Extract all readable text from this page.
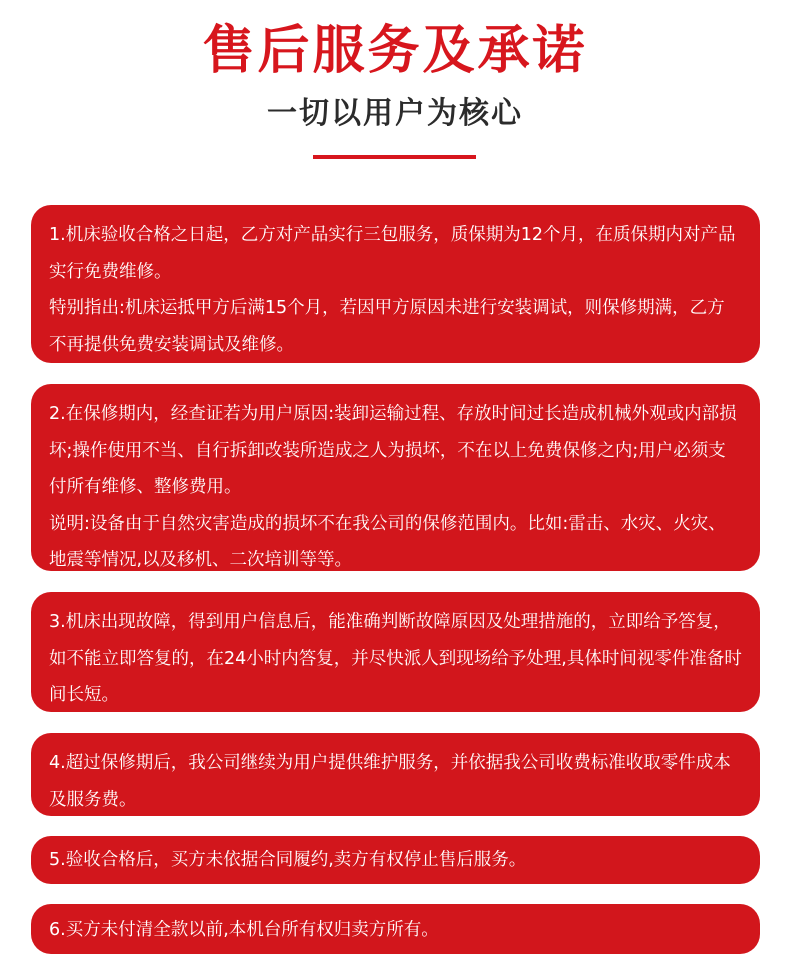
售后服务及承诺
一切以用户为核心

1.机床验收合格之日起，乙方对产品实行三包服务，质保期为12个月，在质保期内对产品实行免费维修。

特别指出:机床运抵甲方后满15个月，若因甲方原因未进行安装调试，则保修期满，乙方不再提供免费安装调试及维修。

2.在保修期内，经查证若为用户原因:装卸运输过程、存放时间过长造成机械外观或内部损坏;操作使用不当、自行拆卸改装所造成之人为损坏，不在以上免费保修之内;用户必须支付所有维修、整修费用。

说明:设备由于自然灾害造成的损坏不在我公司的保修范围内。比如:雷击、水灾、火灾、地震等情况,以及移机、二次培训等等。

3.机床出现故障，得到用户信息后，能准确判断故障原因及处理措施的，立即给予答复，如不能立即答复的，在24小时内答复，并尽快派人到现场给予处理,具体时间视零件准备时间长短。

4.超过保修期后，我公司继续为用户提供维护服务，并依据我公司收费标准收取零件成本及服务费。

5.验收合格后，买方未依据合同履约,卖方有权停止售后服务。

6.买方未付清全款以前,本机台所有权归卖方所有。
